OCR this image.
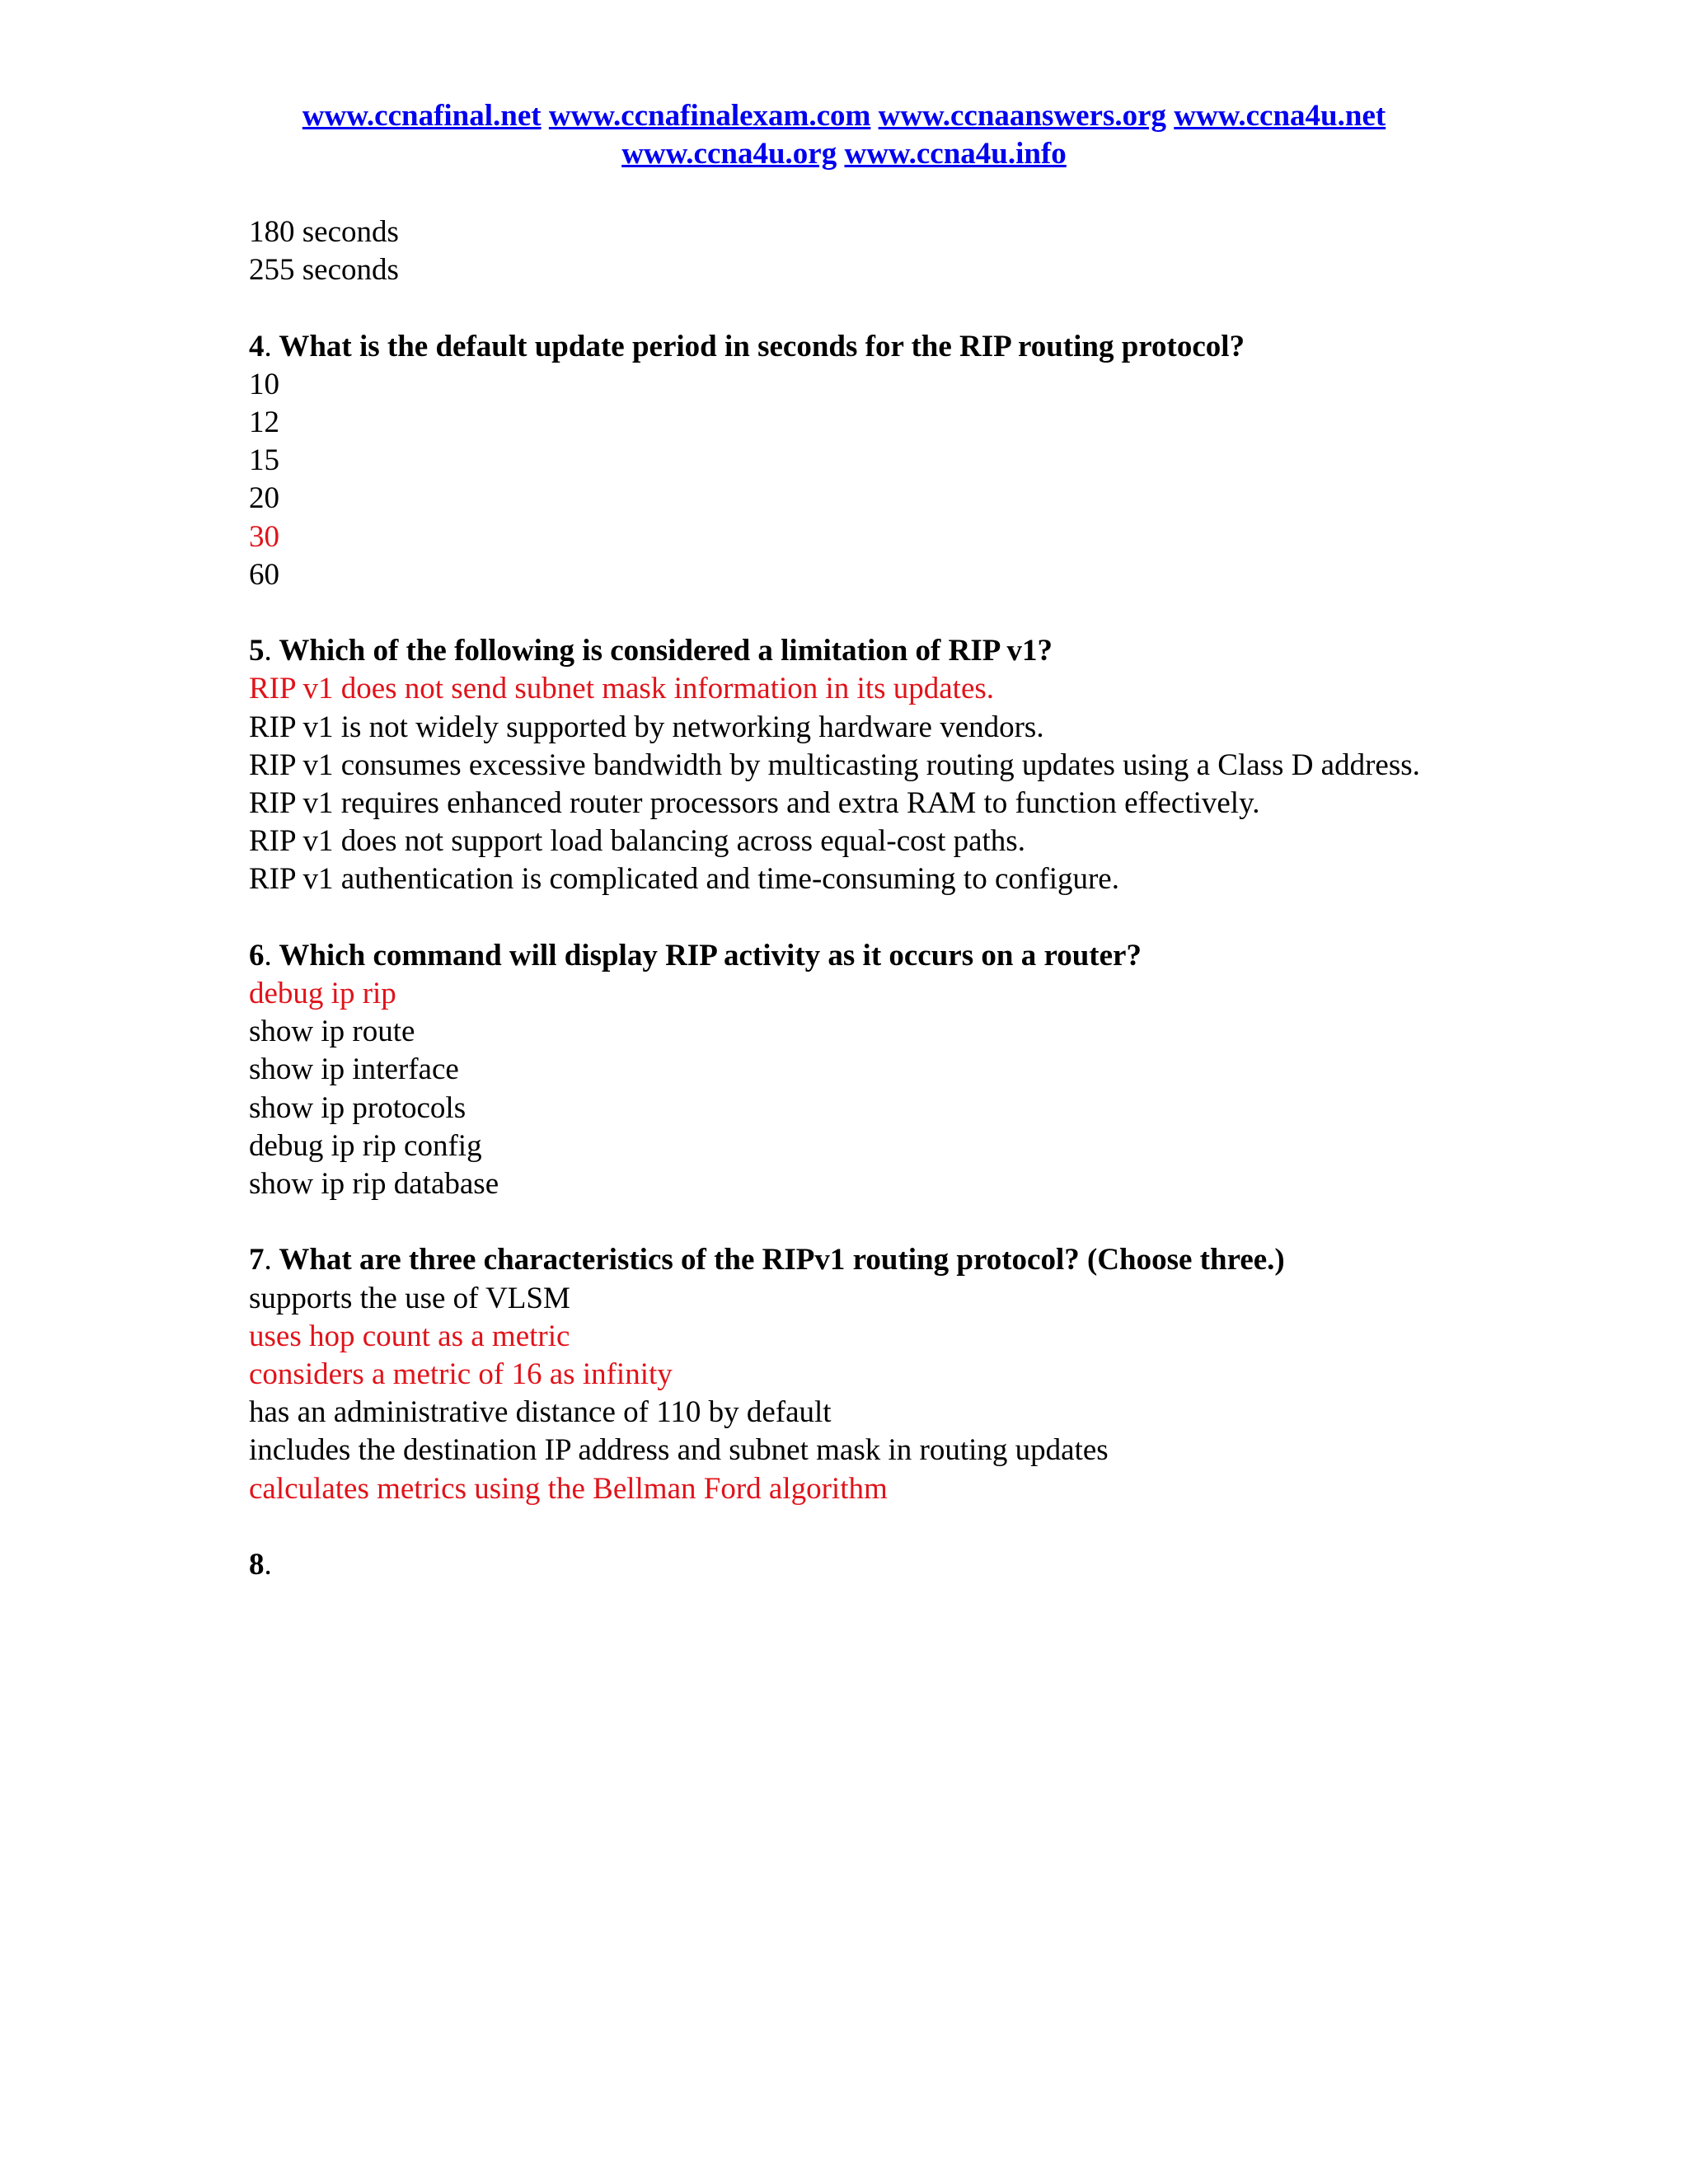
www.ccnafinal.net www.ccnafinalexam.com www.ccnaanswers.org www.ccna4u.net
www.ccna4u.org www.ccna4u.info
180 seconds
255 seconds
4. What is the default update period in seconds for the RIP routing protocol?
10
12
15
20
30
60
5. Which of the following is considered a limitation of RIP v1?
RIP v1 does not send subnet mask information in its updates.
RIP v1 is not widely supported by networking hardware vendors.
RIP v1 consumes excessive bandwidth by multicasting routing updates using a Class D address.
RIP v1 requires enhanced router processors and extra RAM to function effectively.
RIP v1 does not support load balancing across equal-cost paths.
RIP v1 authentication is complicated and time-consuming to configure.
6. Which command will display RIP activity as it occurs on a router?
debug ip rip
show ip route
show ip interface
show ip protocols
debug ip rip config
show ip rip database
7. What are three characteristics of the RIPv1 routing protocol? (Choose three.)
supports the use of VLSM
uses hop count as a metric
considers a metric of 16 as infinity
has an administrative distance of 110 by default
includes the destination IP address and subnet mask in routing updates
calculates metrics using the Bellman Ford algorithm
8.
